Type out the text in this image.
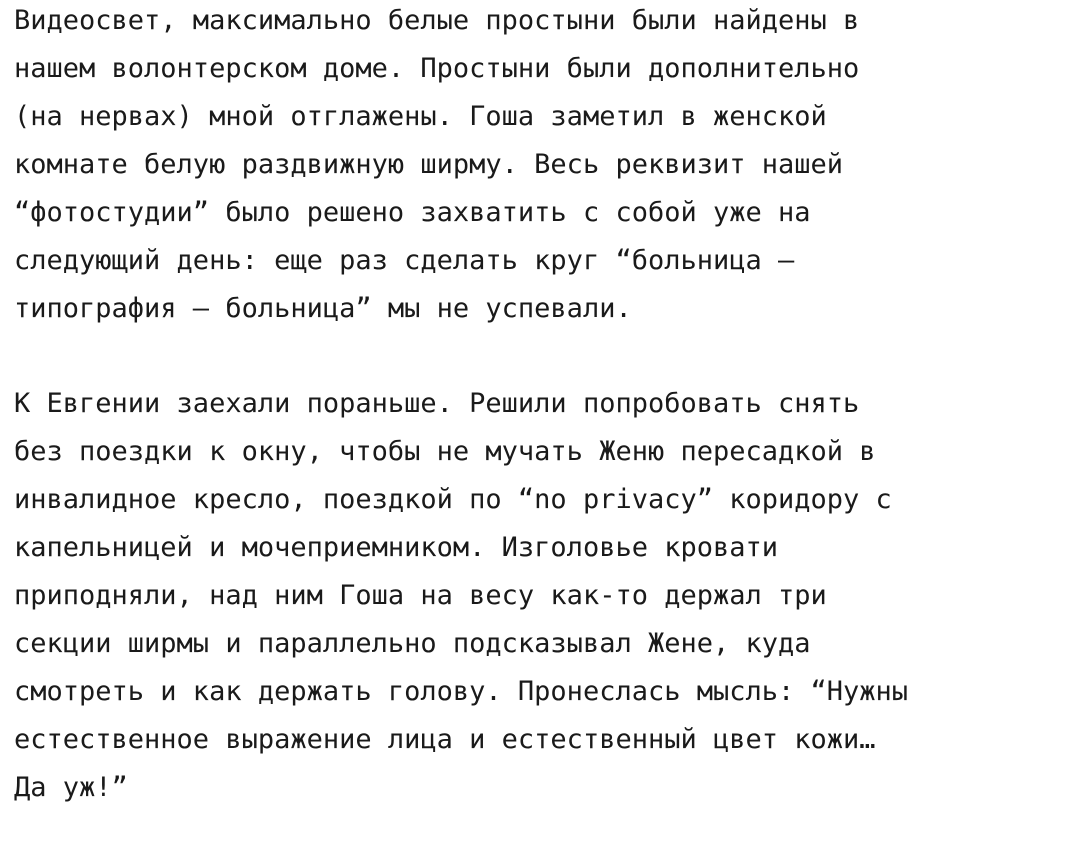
Видеосвет, максимально белые простыни были найдены в
нашем волонтерском доме. Простыни были дополнительно
(на нервах) мной отглажены. Гоша заметил в женской
комнате белую раздвижную ширму. Весь реквизит нашей
“фотостудии” было решено захватить с собой уже на
следующий день: еще раз сделать круг “больница –
типография – больница” мы не успевали.
К Евгении заехали пораньше. Решили попробовать снять
без поездки к окну, чтобы не мучать Женю пересадкой в
инвалидное кресло, поездкой по “no privacy” коридору с
капельницей и мочеприемником. Изголовье кровати
приподняли, над ним Гоша на весу как-то держал три
секции ширмы и параллельно подсказывал Жене, куда
смотреть и как держать голову. Пронеслась мысль: “Нужны
естественное выражение лица и естественный цвет кожи…
Да уж!”
